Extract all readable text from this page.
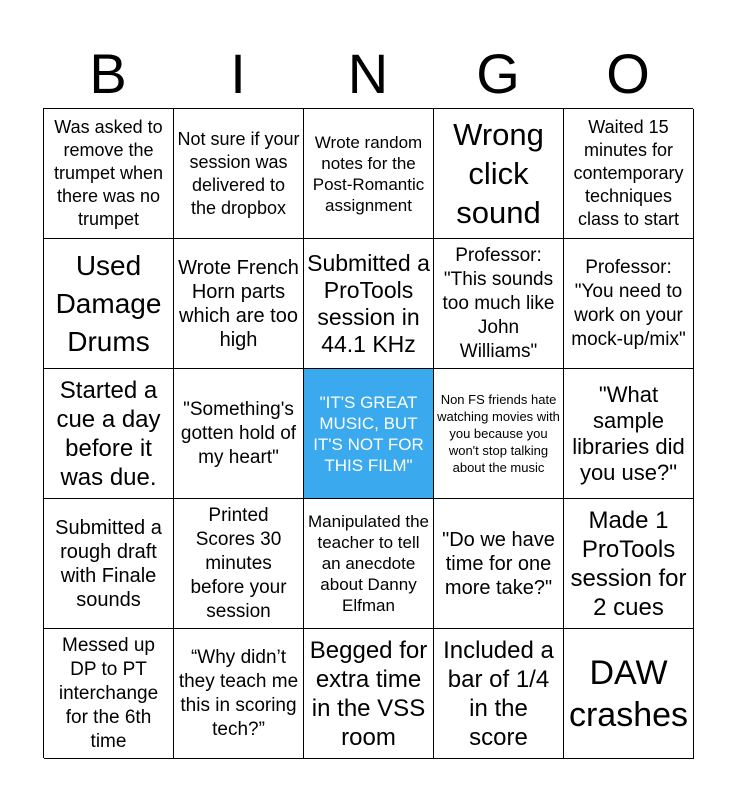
B	I	N	G	O
Was asked to remove the trumpet when there was no trumpet
Not sure if your session was delivered to the dropbox
Wrote random notes for the Post-Romantic assignment
Wrong click sound
Waited 15 minutes for contemporary techniques class to start
Used Damage Drums
Wrote French Horn parts which are too high
Submitted a ProTools session in 44.1 KHz
Professor: "This sounds too much like John Williams"
Professor: "You need to work on your mock-up/mix"
Started a cue a day before it was due.
"Something's gotten hold of my heart"
"IT'S GREAT MUSIC, BUT IT'S NOT FOR THIS FILM"
Non FS friends hate watching movies with you because you won't stop talking about the music
"What sample libraries did you use?"
Submitted a rough draft with Finale sounds
Printed Scores 30 minutes before your session
Manipulated the teacher to tell an anecdote about Danny Elfman
"Do we have time for one more take?"
Made 1 ProTools session for 2 cues
Messed up DP to PT interchange for the 6th time
“Why didn’t they teach me this in scoring tech?”
Begged for extra time in the VSS room
Included a bar of 1/4 in the score
DAW crashes
